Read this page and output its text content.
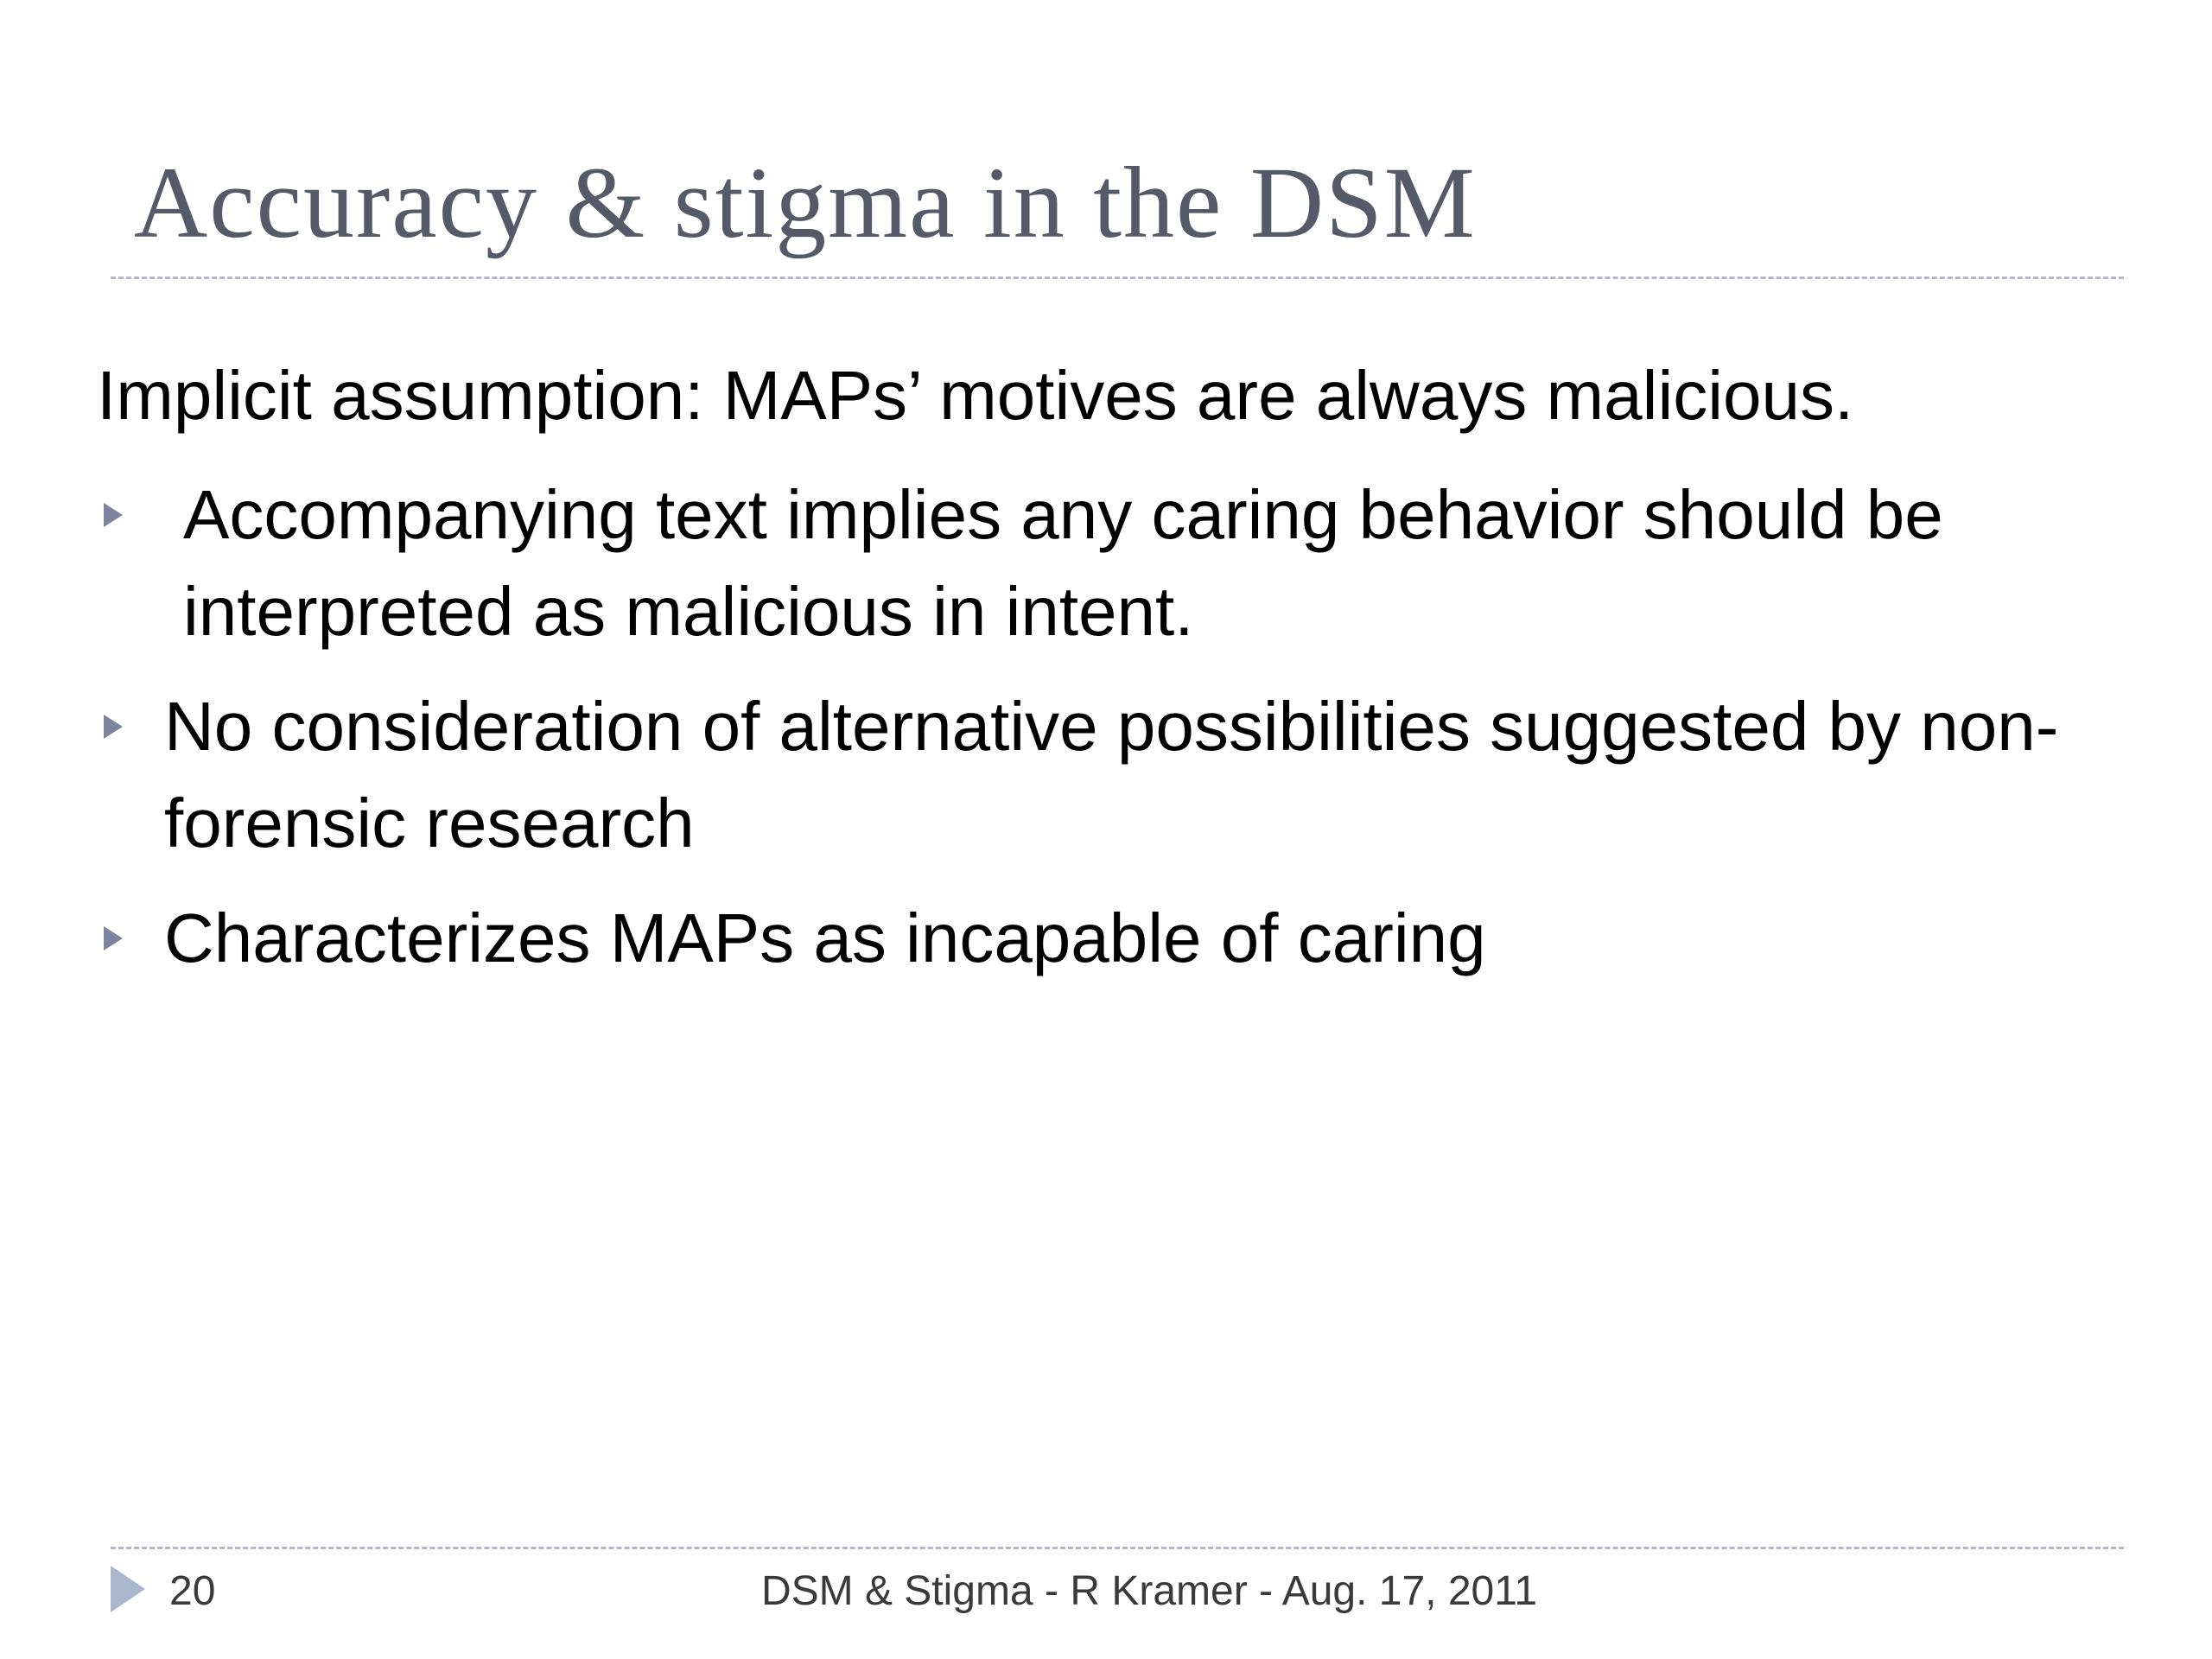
Accuracy & stigma in the DSM
Implicit assumption: MAPs’ motives are always malicious.
Accompanying text implies any caring behavior should be interpreted as malicious in intent.
No consideration of alternative possibilities suggested by non-forensic research
Characterizes MAPs as incapable of caring
20	DSM & Stigma - R Kramer - Aug. 17, 2011
